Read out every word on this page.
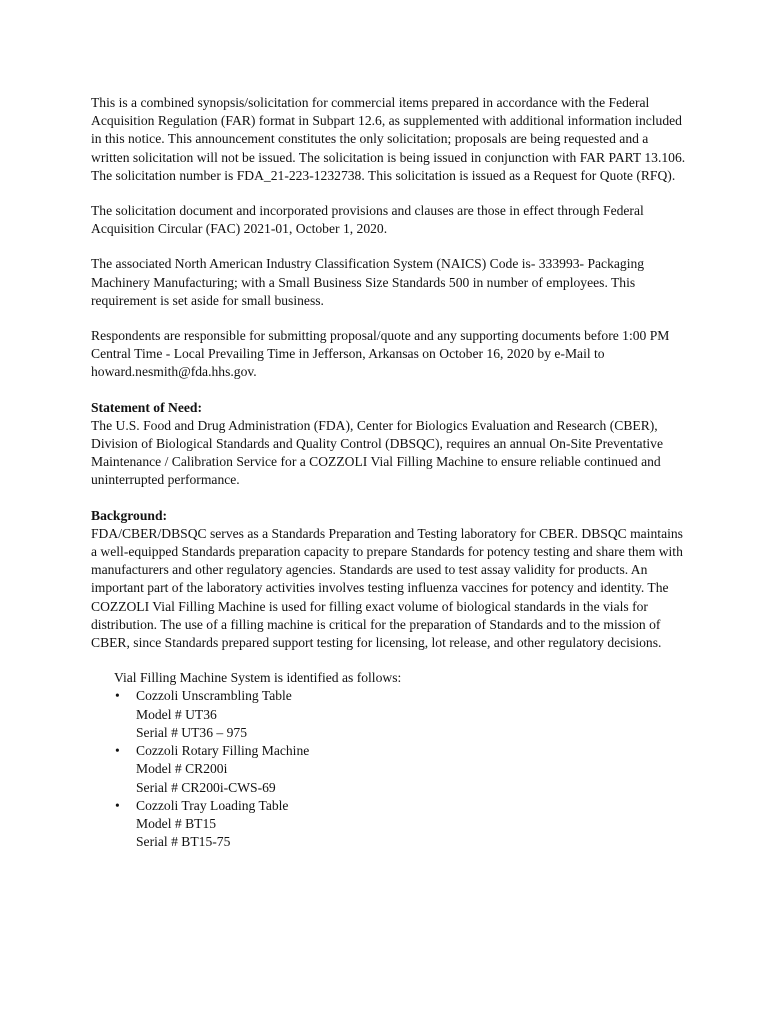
This is a combined synopsis/solicitation for commercial items prepared in accordance with the Federal Acquisition Regulation (FAR) format in Subpart 12.6, as supplemented with additional information included in this notice. This announcement constitutes the only solicitation; proposals are being requested and a written solicitation will not be issued. The solicitation is being issued in conjunction with FAR PART 13.106. The solicitation number is FDA_21-223-1232738. This solicitation is issued as a Request for Quote (RFQ).

The solicitation document and incorporated provisions and clauses are those in effect through Federal Acquisition Circular (FAC) 2021-01, October 1, 2020.

The associated North American Industry Classification System (NAICS) Code is- 333993- Packaging Machinery Manufacturing; with a Small Business Size Standards 500 in number of employees. This requirement is set aside for small business.

Respondents are responsible for submitting proposal/quote and any supporting documents before 1:00 PM Central Time - Local Prevailing Time in Jefferson, Arkansas on October 16, 2020 by e-Mail to howard.nesmith@fda.hhs.gov.

Statement of Need:

The U.S. Food and Drug Administration (FDA), Center for Biologics Evaluation and Research (CBER), Division of Biological Standards and Quality Control (DBSQC), requires an annual On-Site Preventative Maintenance / Calibration Service for a COZZOLI Vial Filling Machine to ensure reliable continued and uninterrupted performance.

Background:

FDA/CBER/DBSQC serves as a Standards Preparation and Testing laboratory for CBER. DBSQC maintains a well-equipped Standards preparation capacity to prepare Standards for potency testing and share them with manufacturers and other regulatory agencies. Standards are used to test assay validity for products. An important part of the laboratory activities involves testing influenza vaccines for potency and identity. The COZZOLI Vial Filling Machine is used for filling exact volume of biological standards in the vials for distribution. The use of a filling machine is critical for the preparation of Standards and to the mission of CBER, since Standards prepared support testing for licensing, lot release, and other regulatory decisions.

Vial Filling Machine System is identified as follows:

• Cozzoli Unscrambling Table
Model # UT36
Serial # UT36 – 975
• Cozzoli Rotary Filling Machine
Model # CR200i
Serial # CR200i-CWS-69
• Cozzoli Tray Loading Table
Model # BT15
Serial # BT15-75
